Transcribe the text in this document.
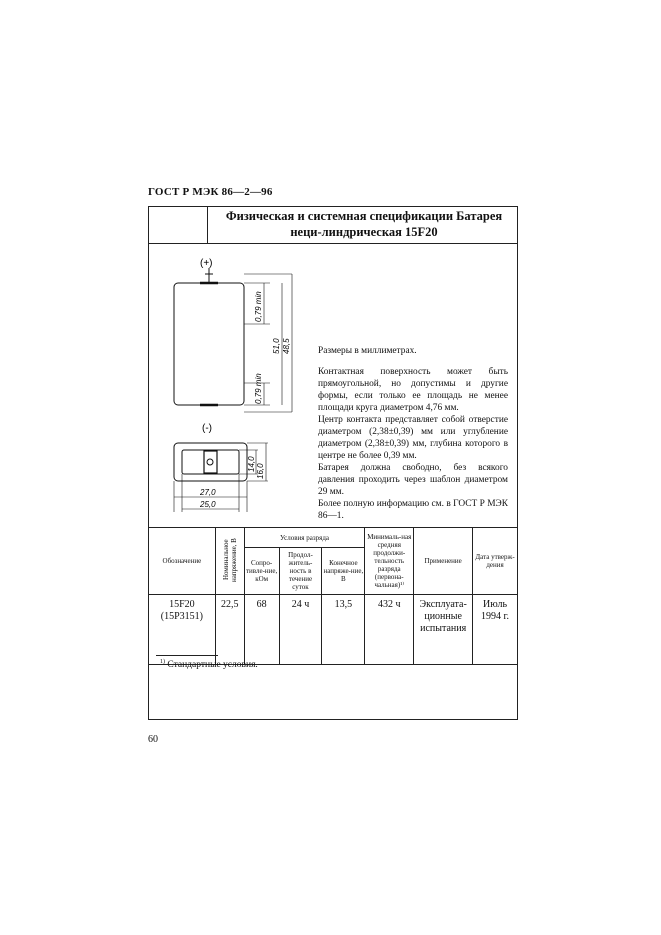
ГОСТ Р МЭК 86—2—96
Физическая и системная спецификации Батарея неци-линдрическая 15F20
(+)
(-)
0,79 min
0,79 min
51,0 48,5
16,0
14,0
27,0
25,0

Размеры в миллиметрах.

Контактная поверхность может быть прямоугольной, но допустимы и другие формы, если только ее площадь не менее площади круга диаметром 4,76 мм.

Центр контакта представляет собой отверстие диаметром (2,38±0,39) мм или углубление диаметром (2,38±0,39) мм, глубина которого в центре не более 0,39 мм.

Батарея должна свободно, без всякого давления проходить через шаблон диаметром 29 мм.

Более полную информацию см. в ГОСТ Р МЭК 86—1.

Обозначение	Номинальное напряжение, В	Условия разряда			Минималь-ная средняя продолжи-тельность разряда (первона-чальная)¹⁾	Применение	Дата утверж-дения
		Сопро-тивле-ние, кОм	Продол-житель-ность в течение суток	Конечное напряже-ние, В			
15F20
(15P3151)	22,5	68	24 ч	13,5	432 ч	Эксплуата-ционные испытания	Июль 1994 г.
$^{1)}$ Стандартные условия.
60
